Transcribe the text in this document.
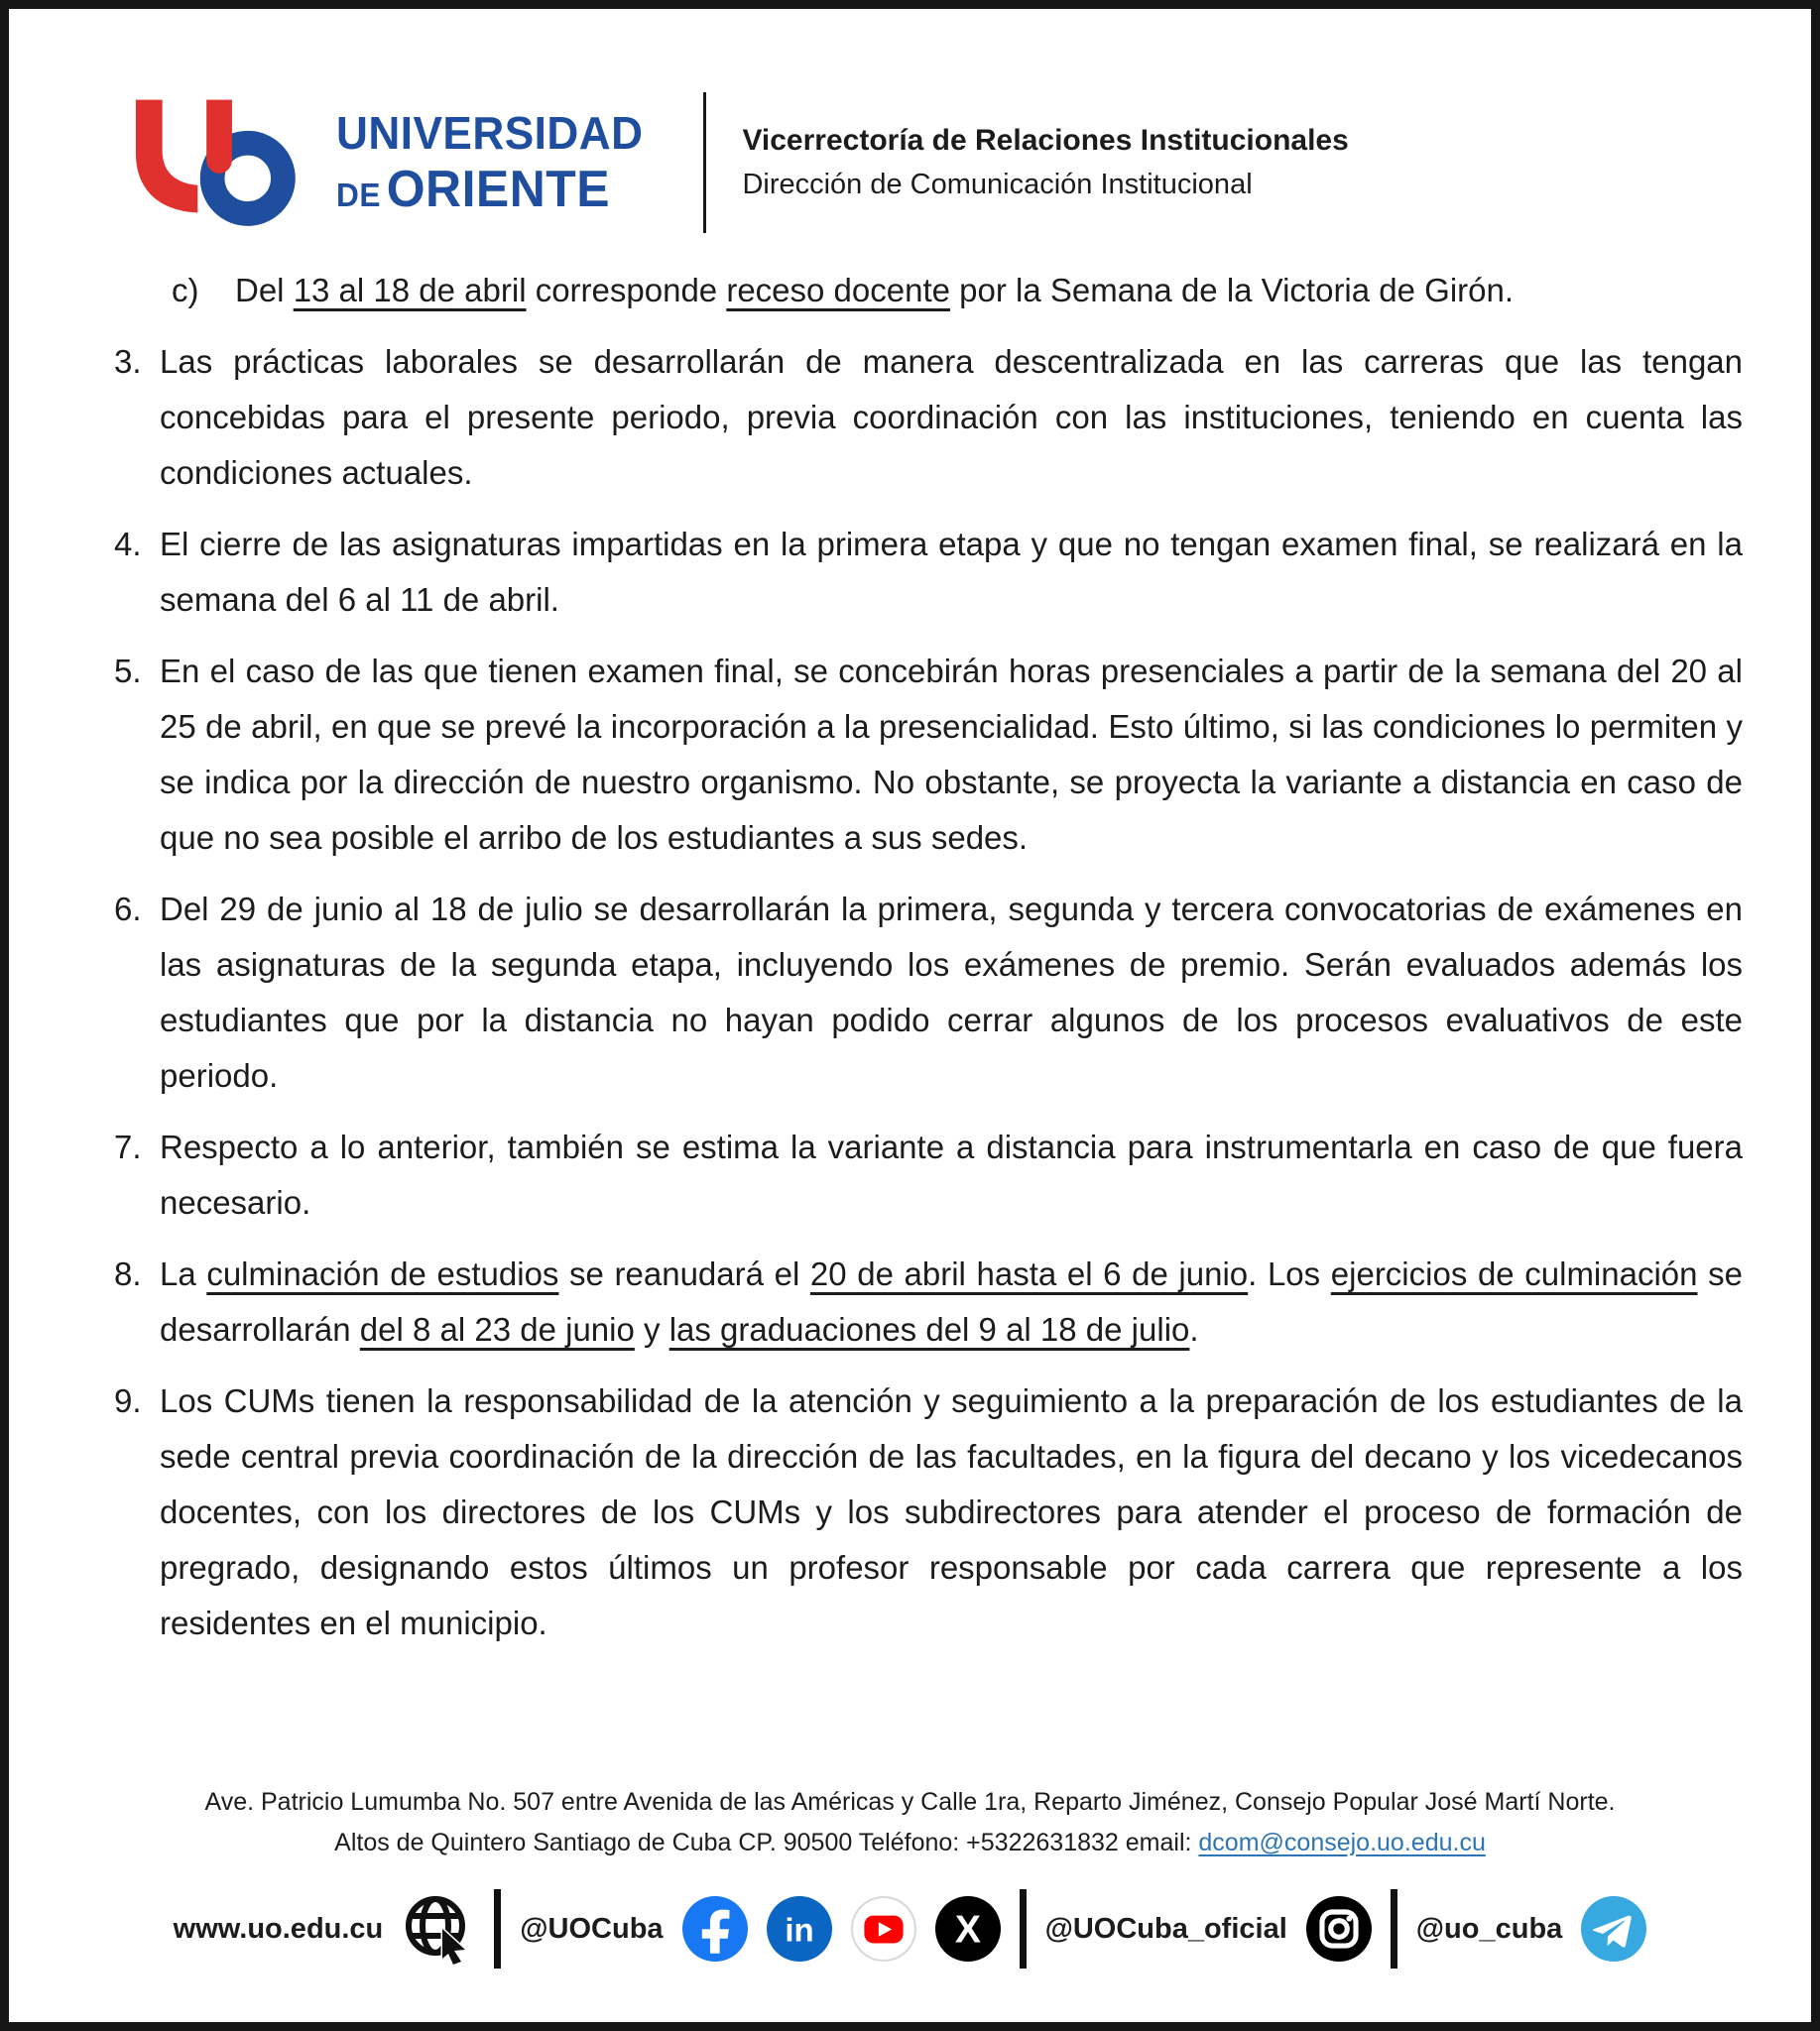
UNIVERSIDAD
DE ORIENTE
Vicerrectoría de Relaciones Institucionales
Dirección de Comunicación Institucional
c)	Del 13 al 18 de abril corresponde receso docente por la Semana de la Victoria de Girón.
3. Las prácticas laborales se desarrollarán de manera descentralizada en las carreras que las tengan concebidas para el presente periodo, previa coordinación con las instituciones, teniendo en cuenta las condiciones actuales.
4. El cierre de las asignaturas impartidas en la primera etapa y que no tengan examen final, se realizará en la semana del 6 al 11 de abril.
5. En el caso de las que tienen examen final, se concebirán horas presenciales a partir de la semana del 20 al 25 de abril, en que se prevé la incorporación a la presencialidad. Esto último, si las condiciones lo permiten y se indica por la dirección de nuestro organismo. No obstante, se proyecta la variante a distancia en caso de que no sea posible el arribo de los estudiantes a sus sedes.
6. Del 29 de junio al 18 de julio se desarrollarán la primera, segunda y tercera convocatorias de exámenes en las asignaturas de la segunda etapa, incluyendo los exámenes de premio. Serán evaluados además los estudiantes que por la distancia no hayan podido cerrar algunos de los procesos evaluativos de este periodo.
7. Respecto a lo anterior, también se estima la variante a distancia para instrumentarla en caso de que fuera necesario.
8. La culminación de estudios se reanudará el 20 de abril hasta el 6 de junio. Los ejercicios de culminación se desarrollarán del 8 al 23 de junio y las graduaciones del 9 al 18 de julio.
9. Los CUMs tienen la responsabilidad de la atención y seguimiento a la preparación de los estudiantes de la sede central previa coordinación de la dirección de las facultades, en la figura del decano y los vicedecanos docentes, con los directores de los CUMs y los subdirectores para atender el proceso de formación de pregrado, designando estos últimos un profesor responsable por cada carrera que represente a los residentes en el municipio.
Ave. Patricio Lumumba No. 507 entre Avenida de las Américas y Calle 1ra, Reparto Jiménez, Consejo Popular José Martí Norte.
Altos de Quintero Santiago de Cuba CP. 90500 Teléfono: +5322631832 email: dcom@consejo.uo.edu.cu
www.uo.edu.cu	@UOCuba	in	X @UOCuba_oficial	@uo_cuba
